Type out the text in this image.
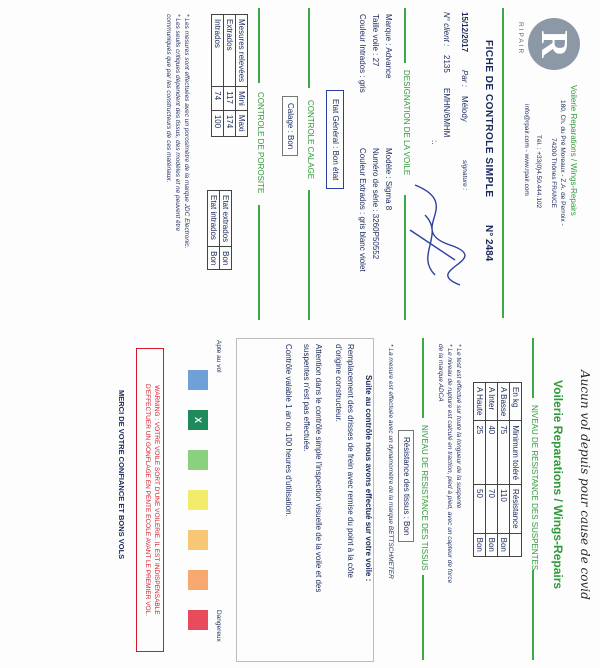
R
RIPAIR
Voilerie Reparations / Wings-Repairs
180, Ch. du Pré Moreaux - Z.A. de Perroix -
74200 Thônes FRANCE
Tél. : +33(0)4.50.444.102
info@rpair.com - www.rpair.com
FICHE DE CONTROLE SIMPLE
N° 2484
15/12/2017
Par :
Mélody
signature :
N° client :
2135
EMHN/6MHM
:.
DESIGNATION DE LA VOILE
Marque : Advance
Modèle : Sigma 8
Taille voile : 27
Numéro de série : 3260P50552
Couleur Intrados : gris
Couleur Extrados : gris blanc violet
Etat Général : Bon état
CONTROLE CALAGE
Calage : Bon
CONTROLE DE POROSITE
Mesures relevées	Mini	Maxi
Extrados	117	174
Intrados	74	100
Etat extrados	Bon
Etat intrados	Bon
* Les mesures sont effectuées avec un porosimètre de la marque JDC Electronic.
* Les seuils critiques dépendent des tissus, des modèles et ne peuvent être
communiqués que par les constructeurs de ces matériaux.
Aucun vol depuis pour cause de covid
Voilerie Reparations / Wings-Repairs
NIVEAU DE RESISTANCE DES SUSPENTES
En kg	Minimum toléré	Résistance	
A Basse	75	110	Bon
A Inter	40	70	Bon
A Haute	25	50	Bon
* Le test est effectué sur toute la longueur de la suspente
* Le niveau de rupture est calculé en traction, pied à pied, avec un capteur de force
de la marque ADCA
NIVEAU DE RESISTANCE DES TISSUS
Résistance des tissus : Bon
* La mesure est effectuée avec un dynamomètre de la marque BETTSCHMETER
Suite au contrôle nous avons effectué sur votre voile :
Remplacement des drisses de frein avec remise du point à la côte
d'origine constructeur.
Attention dans le contrôle simple l'inspection visuelle de la voile et des
suspentes n'est pas effectuée.
Contrôle valable 1 an ou 100 heures d'utilisation.
Apte au vol
Dangereux
X
WARNING : VOTRE VOILE SORT D'UNE VOILERIE. IL EST INDISPENSABLE
D'EFFECTUER UN GONFLAGE EN PENTE ECOLE AVANT LE PREMIER VOL.
MERCI DE VOTRE CONFIANCE ET BONS VOLS
